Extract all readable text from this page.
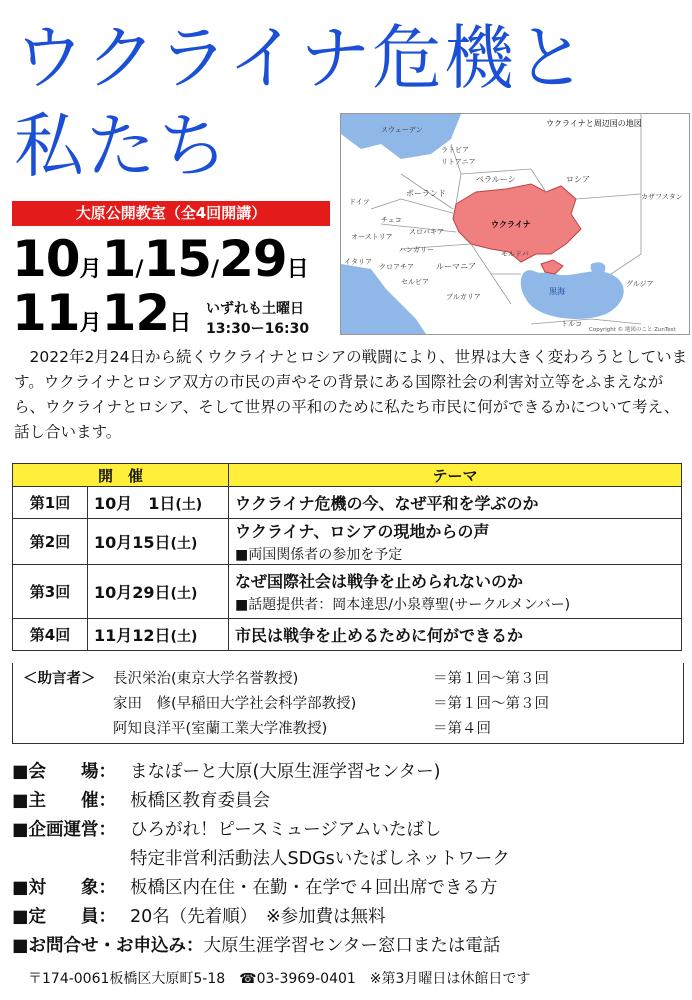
ウクライナ危機と
私たち
大原公開教室（全4回開講）
10月1/15/29日
11月12日
いずれも土曜日
13:30ー16:30
ウクライナと周辺国の地図
スウェーデン
ラトビア
リトアニア
ベラルーシ	ロシア
ポーランド
ドイツ
チェコ
スロバキア
オーストリア
ハンガリー
ウクライナ
モルドバ
ルーマニア
クロアチア
セルビア
イタリア
ブルガリア
黒海
グルジア
カザフスタン
トルコ
Copyright © 地図のこと ZunTest
　2022年2月24日から続くウクライナとロシアの戦闘により、世界は大きく変わろうとしています。ウクライナとロシア双方の市民の声やその背景にある国際社会の利害対立等をふまえながら、ウクライナとロシア、そして世界の平和のために私たち市民に何ができるかについて考え、話し合います。
開　催		テーマ
第1回	10月　1日(土)	ウクライナ危機の今、なぜ平和を学ぶのか
第2回	10月15日(土)	ウクライナ、ロシアの現地からの声
■両国関係者の参加を予定

第3回	10月29日(土)	なぜ国際社会は戦争を止められないのか
■話題提供者：岡本達思/小泉尊聖(サークルメンバー)

第4回	11月12日(土)	市民は戦争を止めるために何ができるか
＜助言者＞ 長沢栄治(東京大学名誉教授)	＝第１回～第３回
家田　修(早稲田大学社会科学部教授)	＝第１回～第３回
阿知良洋平(室蘭工業大学准教授)	＝第４回
■会　　場： まなぽーと大原(大原生涯学習センター)
■主　　催： 板橋区教育委員会
■企画運営： ひろがれ！ピースミュージアムいたばし
特定非営利活動法人SDGsいたばしネットワーク
■対　　象： 板橋区内在住・在勤・在学で４回出席できる方
■定　　員： 20名（先着順）　※参加費は無料
■お問合せ・お申込み：大原生涯学習センター窓口または電話
〒174-0061板橋区大原町5-18　☎03-3969-0401　※第3月曜日は休館日です
